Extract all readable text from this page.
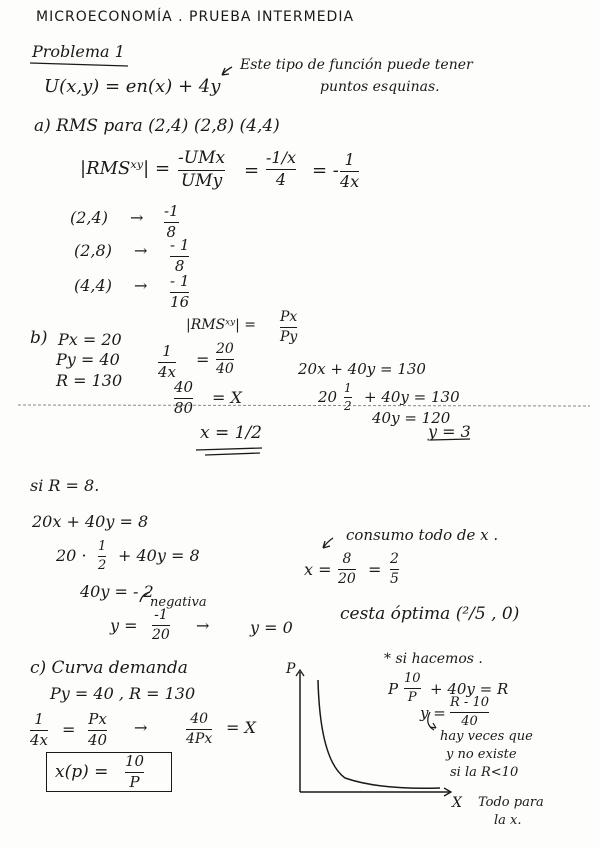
MICROECONOMÍA . PRUEBA INTERMEDIA
Problema 1
U(x,y) = en(x) + 4y
Este tipo de función puede tener
puntos esquinas.
a) RMS para (2,4) (2,8) (4,4)
|RMSˣʸ| = -UMx
UMy =
-1/x
4 = -
1
4x
(2,4) → -1
8
(2,8) → - 1
8
(4,4) → - 1
16
b) Px = 20
Py = 40
R = 130
|RMSˣʸ| = Px
Py
1
4x
=
20
40
40
80
= X
x = 1/2
20x + 40y = 130
20 1
2 + 40y = 130
40y = 120
y = 3
si R = 8.
20x + 40y = 8
20 · 1
2
+ 40y = 8
40y = - 2
negativa
y =
-1
20 →	y = 0
consumo todo de x .
x =
8
20 =
2
5
cesta óptima (²/5 , 0)
c) Curva demanda
Py = 40 , R = 130
1
4x
=
Px
40
→	40
4Px
= X
x(p) =
10
P
P
X
* si hacemos .
P
10
P + 40y = R
y =
R - 10
40
hay veces que
y no existe
si la R<10
Todo para
la x.
